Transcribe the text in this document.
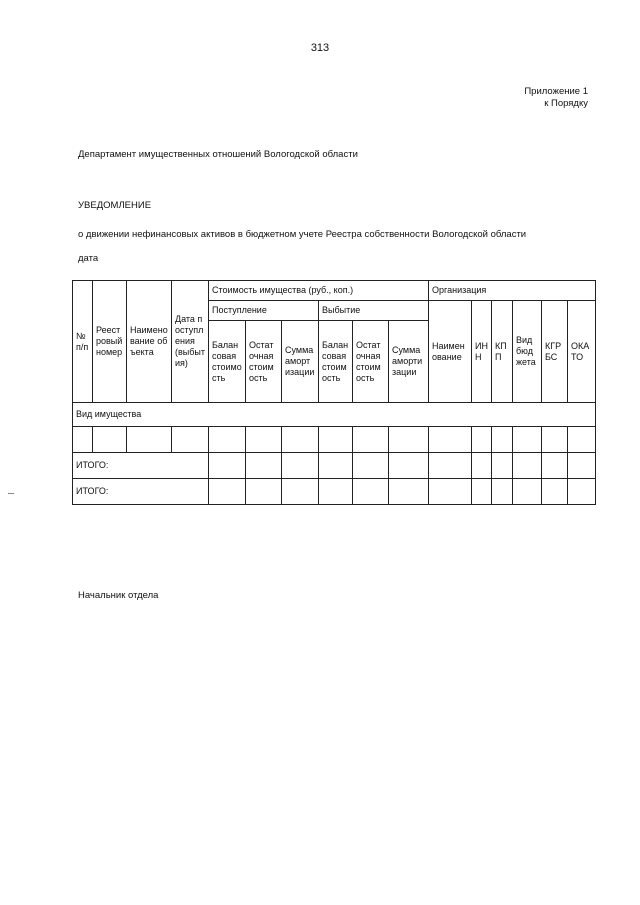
313
Приложение 1
к Порядку
Департамент имущественных отношений Вологодской области
УВЕДОМЛЕНИЕ
о движении нефинансовых активов в бюджетном учете Реестра собственности Вологодской области
дата
№ п/п	Реестровый номер	Наименование объекта	Дата поступления (выбытия)	Стоимость имущества (руб., коп.)						Организация					
				Поступление			Выбытие			Наименование	ИНН	КПП	Вид бюджета	КГРБС	ОКАТО
				Балансовая стоимость	Остаточная стоимость	Сумма амортизации	Балансовая стоимость	Остаточная стоимость	Сумма амортизации						
Вид имущества															

ИТОГО:															
ИТОГО:															
Начальник отдела
